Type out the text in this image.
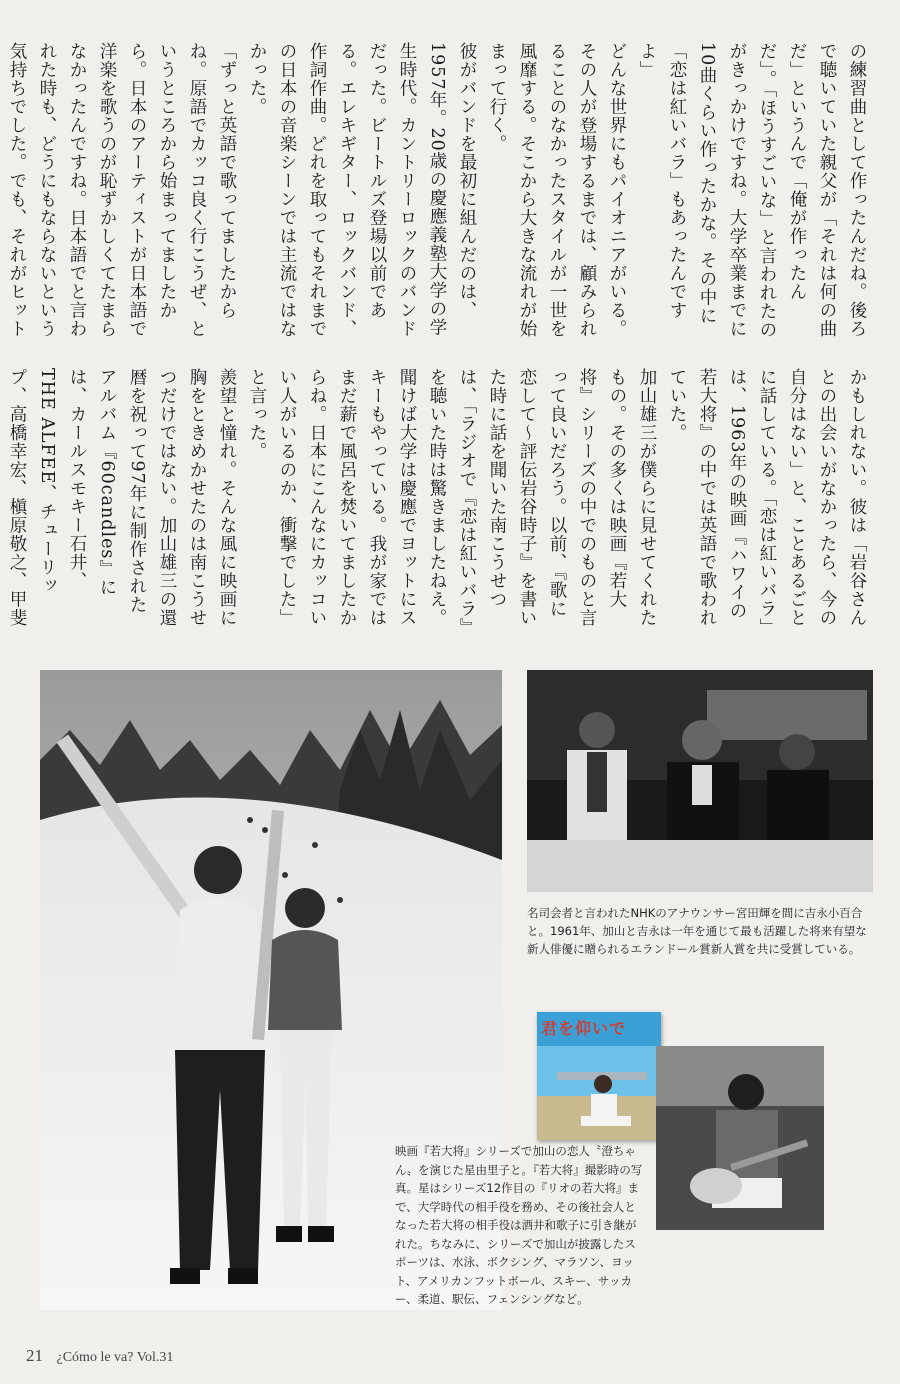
の練習曲として作ったんだね。後ろで聴いていた親父が「それは何の曲だ」というんで「俺が作ったんだ」。「ほうすごいな」と言われたのがきっかけですね。大学卒業までに10曲くらい作ったかな。その中に「恋は紅いバラ」もあったんですよ」

どんな世界にもパイオニアがいる。その人が登場するまでは、顧みられることのなかったスタイルが一世を風靡する。そこから大きな流れが始まって行く。

彼がバンドを最初に組んだのは、1957年。20歳の慶應義塾大学の学生時代。カントリーロックのバンドだった。ビートルズ登場以前である。エレキギター、ロックバンド、作詞作曲。どれを取ってもそれまでの日本の音楽シーンでは主流ではなかった。

「ずっと英語で歌ってましたからね。原語でカッコ良く行こうぜ、というところから始まってましたから。日本のアーティストが日本語で洋楽を歌うのが恥ずかしくてたまらなかったんですね。日本語でと言われた時も、どうにもならないという気持ちでした。でも、それがヒット

かもしれない。彼は「岩谷さんとの出会いがなかったら、今の自分はない」と、ことあるごとに話している。「恋は紅いバラ」は、1963年の映画『ハワイの若大将』の中では英語で歌われていた。

加山雄三が僕らに見せてくれたもの。その多くは映画『若大将』シリーズの中でのものと言って良いだろう。以前、『歌に恋して〜評伝岩谷時子』を書いた時に話を聞いた南こうせつは、「ラジオで『恋は紅いバラ』を聴いた時は驚きましたねえ。聞けば大学は慶應でヨットにスキーもやっている。我が家ではまだ薪で風呂を焚いてましたからね。日本にこんなにカッコいい人がいるのか、衝撃でした」と言った。

羨望と憧れ。そんな風に映画に胸をときめかせたのは南こうせつだけではない。加山雄三の還暦を祝って97年に制作されたアルバム『60candles』には、カールスモキー石井、THE ALFEE、チューリップ、高橋幸宏、槇原敬之、甲斐

名司会者と言われたNHKのアナウンサー宮田輝を間に吉永小百合と。1961年、加山と吉永は一年を通じて最も活躍した将来有望な新人俳優に贈られるエランドール賞新人賞を共に受賞している。
君を仰いで
映画『若大将』シリーズで加山の恋人〝澄ちゃん〟を演じた星由里子と。『若大将』撮影時の写真。星はシリーズ12作目の『リオの若大将』まで、大学時代の相手役を務め、その後社会人となった若大将の相手役は酒井和歌子に引き継がれた。ちなみに、シリーズで加山が披露したスポーツは、水泳、ボクシング、マラソン、ヨット、アメリカンフットボール、スキー、サッカー、柔道、駅伝、フェンシングなど。
21 ¿Cómo le va? Vol.31
